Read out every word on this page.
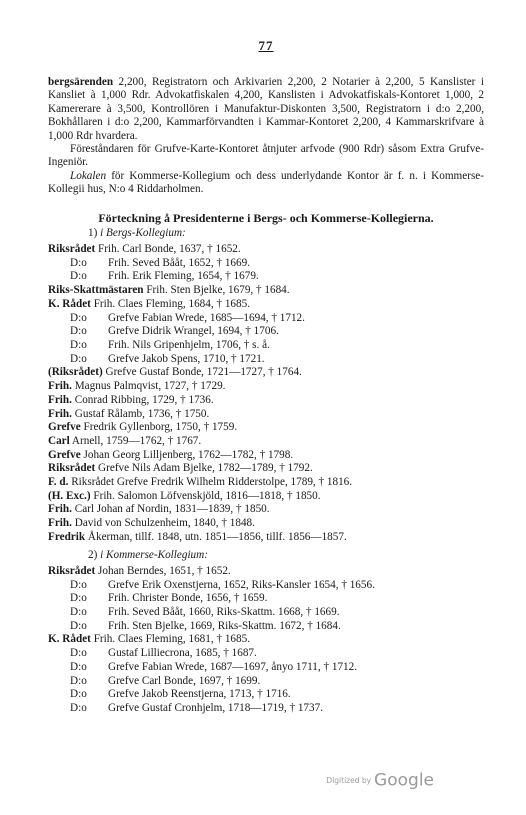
77

bergsärenden 2,200, Registratorn och Arkivarien 2,200, 2 Notarier à 2,200, 5 Kanslister i Kansliet à 1,000 Rdr. Advokatfiskalen 4,200, Kanslisten i Advokatfiskals-Kontoret 1,000, 2 Kamererare à 3,500, Kontrollören i Manufaktur-Diskonten 3,500, Registratorn i d:o 2,200, Bokhållaren i d:o 2,200, Kammarförvandten i Kammar-Kontoret 2,200, 4 Kammarskrifvare à 1,000 Rdr hvardera.

Föreståndaren för Grufve-Karte-Kontoret åtnjuter arfvode (900 Rdr) såsom Extra Grufve-Ingeniör.

Lokalen för Kommerse-Kollegium och dess underlydande Kontor är f. n. i Kommerse-Kollegii hus, N:o 4 Riddarholmen.

Förteckning å Presidenterne i Bergs- och Kommerse-Kollegierna.
1) i Bergs-Kollegium:
Riksrådet Frih. Carl Bonde, 1637, † 1652.
D:o Frih. Seved Bååt, 1652, † 1669.
D:o Frih. Erik Fleming, 1654, † 1679.
Riks-Skattmästaren Frih. Sten Bjelke, 1679, † 1684.
K. Rådet Frih. Claes Fleming, 1684, † 1685.
D:o Grefve Fabian Wrede, 1685—1694, † 1712.
D:o Grefve Didrik Wrangel, 1694, † 1706.
D:o Frih. Nils Gripenhjelm, 1706, † s. å.
D:o Grefve Jakob Spens, 1710, † 1721.
(Riksrådet) Grefve Gustaf Bonde, 1721—1727, † 1764.
Frih. Magnus Palmqvist, 1727, † 1729.
Frih. Conrad Ribbing, 1729, † 1736.
Frih. Gustaf Rålamb, 1736, † 1750.
Grefve Fredrik Gyllenborg, 1750, † 1759.
Carl Arnell, 1759—1762, † 1767.
Grefve Johan Georg Lilljenberg, 1762—1782, † 1798.
Riksrådet Grefve Nils Adam Bjelke, 1782—1789, † 1792.
F. d. Riksrådet Grefve Fredrik Wilhelm Ridderstolpe, 1789, † 1816.
(H. Exc.) Frih. Salomon Löfvenskjöld, 1816—1818, † 1850.
Frih. Carl Johan af Nordin, 1831—1839, † 1850.
Frih. David von Schulzenheim, 1840, † 1848.
Fredrik Åkerman, tillf. 1848, utn. 1851—1856, tillf. 1856—1857.
2) i Kommerse-Kollegium:
Riksrådet Johan Berndes, 1651, † 1652.
D:o Grefve Erik Oxenstjerna, 1652, Riks-Kansler 1654, † 1656.
D:o Frih. Christer Bonde, 1656, † 1659.
D:o Frih. Seved Bååt, 1660, Riks-Skattm. 1668, † 1669.
D:o Frih. Sten Bjelke, 1669, Riks-Skattm. 1672, † 1684.
K. Rådet Frih. Claes Fleming, 1681, † 1685.
D:o Gustaf Lilliecrona, 1685, † 1687.
D:o Grefve Fabian Wrede, 1687—1697, ånyo 1711, † 1712.
D:o Grefve Carl Bonde, 1697, † 1699.
D:o Grefve Jakob Reenstjerna, 1713, † 1716.
D:o Grefve Gustaf Cronhjelm, 1718—1719, † 1737.
Digitized by Google
